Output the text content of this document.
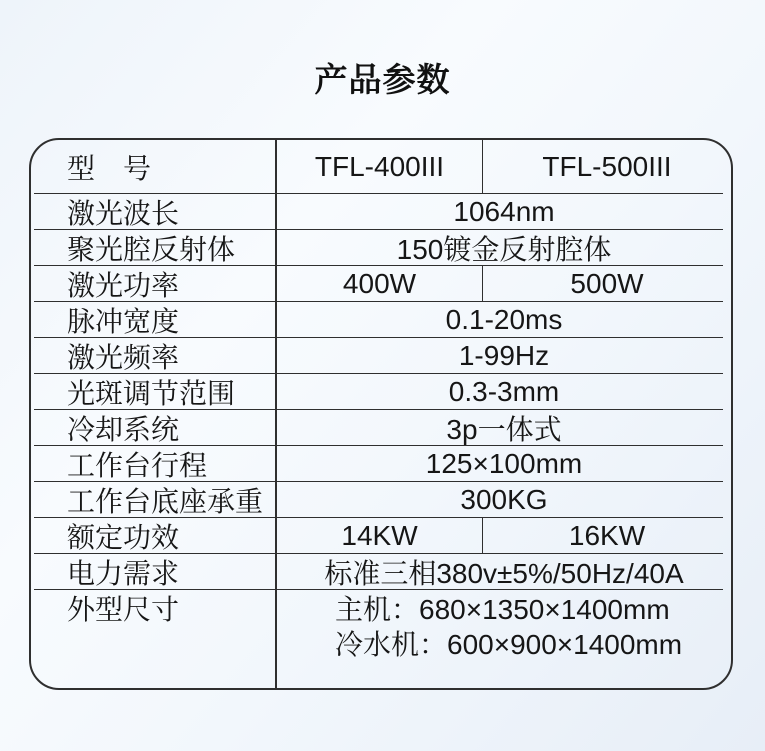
产品参数
型　号	TFL-400III	TFL-500III
激光波长	1064nm
聚光腔反射体	150镀金反射腔体
激光功率	400W	500W
脉冲宽度	0.1-20ms
激光频率	1-99Hz
光斑调节范围	0.3-3mm
冷却系统	3p一体式
工作台行程	125×100mm
工作台底座承重	300KG
额定功效	14KW	16KW
电力需求	标准三相380v±5%/50Hz/40A
外型尺寸	主机：680×1350×1400mm
冷水机：600×900×1400mm
